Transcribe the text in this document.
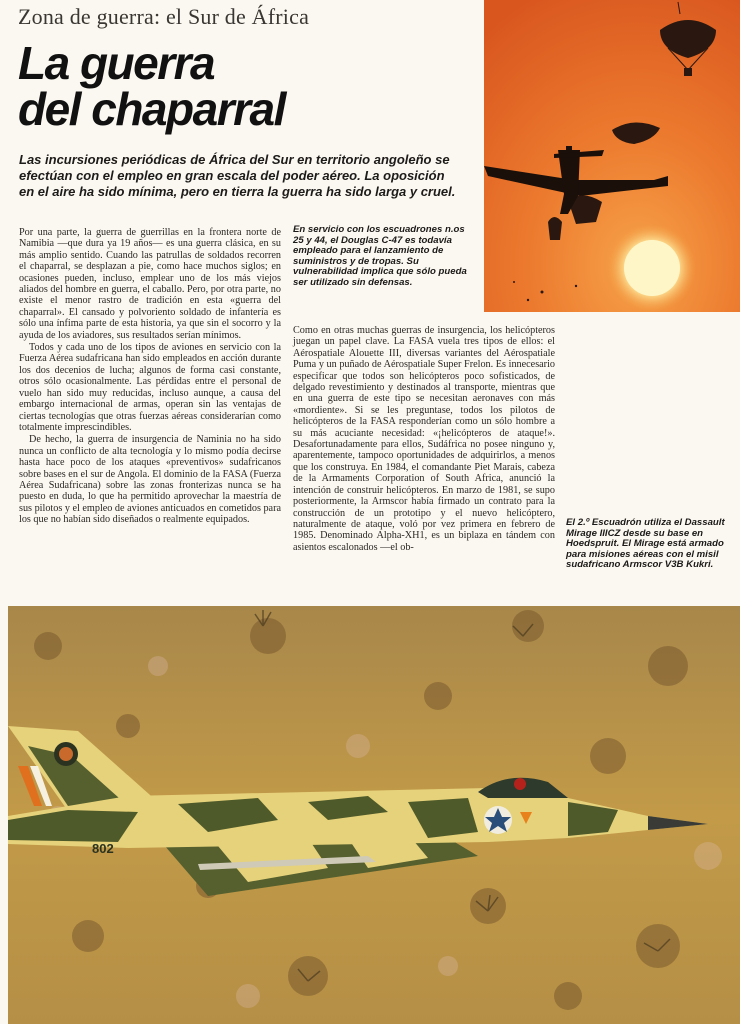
Zona de guerra: el Sur de África
La guerra
del chaparral

Las incursiones periódicas de África del Sur en territorio angoleño se efectúan con el empleo en gran escala del poder aéreo. La oposición en el aire ha sido mínima, pero en tierra la guerra ha sido larga y cruel.

En servicio con los escuadrones n.os 25 y 44, el Douglas C-47 es todavía empleado para el lanzamiento de suministros y de tropas. Su vulnerabilidad implica que sólo pueda ser utilizado sin defensas.

Por una parte, la guerra de guerrillas en la frontera norte de Namibia —que dura ya 19 años— es una guerra clásica, en su más amplio sentido. Cuando las patrullas de soldados recorren el chaparral, se desplazan a pie, como hace muchos siglos; en ocasiones pueden, incluso, emplear uno de los más viejos aliados del hombre en guerra, el caballo. Pero, por otra parte, no existe el menor rastro de tradición en esta «guerra del chaparral». El cansado y polvoriento soldado de infantería es sólo una ínfima parte de esta historia, ya que sin el socorro y la ayuda de los aviadores, sus resultados serían mínimos.

Todos y cada uno de los tipos de aviones en servicio con la Fuerza Aérea sudafricana han sido empleados en acción durante los dos decenios de lucha; algunos de forma casi constante, otros sólo ocasionalmente. Las pérdidas entre el personal de vuelo han sido muy reducidas, incluso aunque, a causa del embargo internacional de armas, operan sin las ventajas de ciertas tecnologías que otras fuerzas aéreas considerarían como totalmente imprescindibles.

De hecho, la guerra de insurgencia de Naminia no ha sido nunca un conflicto de alta tecnología y lo mismo podía decirse hasta hace poco de los ataques «preventivos» sudafricanos sobre bases en el sur de Angola. El dominio de la FASA (Fuerza Aérea Sudafricana) sobre las zonas fronterizas nunca se ha puesto en duda, lo que ha permitido aprovechar la maestría de sus pilotos y el empleo de aviones anticuados en cometidos para los que no habían sido diseñados o realmente equipados.

Como en otras muchas guerras de insurgencia, los helicópteros juegan un papel clave. La FASA vuela tres tipos de ellos: el Aérospatiale Alouette III, diversas variantes del Aérospatiale Puma y un puñado de Aérospatiale Super Frelon. Es innecesario especificar que todos son helicópteros poco sofisticados, de delgado revestimiento y destinados al transporte, mientras que en una guerra de este tipo se necesitan aeronaves con más «mordiente». Si se les preguntase, todos los pilotos de helicópteros de la FASA responderían como un sólo hombre a su más acuciante necesidad: «¡helicópteros de ataque!». Desafortunadamente para ellos, Sudáfrica no posee ninguno y, aparentemente, tampoco oportunidades de adquirirlos, a menos que los construya. En 1984, el comandante Piet Marais, cabeza de la Armaments Corporation of South Africa, anunció la intención de construir helicópteros. En marzo de 1981, se supo posteriormente, la Armscor había firmado un contrato para la construcción de un prototipo y el nuevo helicóptero, naturalmente de ataque, voló por vez primera en febrero de 1985. Denominado Alpha-XH1, es un biplaza en tándem con asientos escalonados —el ob-

El 2.º Escuadrón utiliza el Dassault Mirage IIICZ desde su base en Hoedspruit. El Mirage está armado para misiones aéreas con el misil sudafricano Armscor V3B Kukri.
802
